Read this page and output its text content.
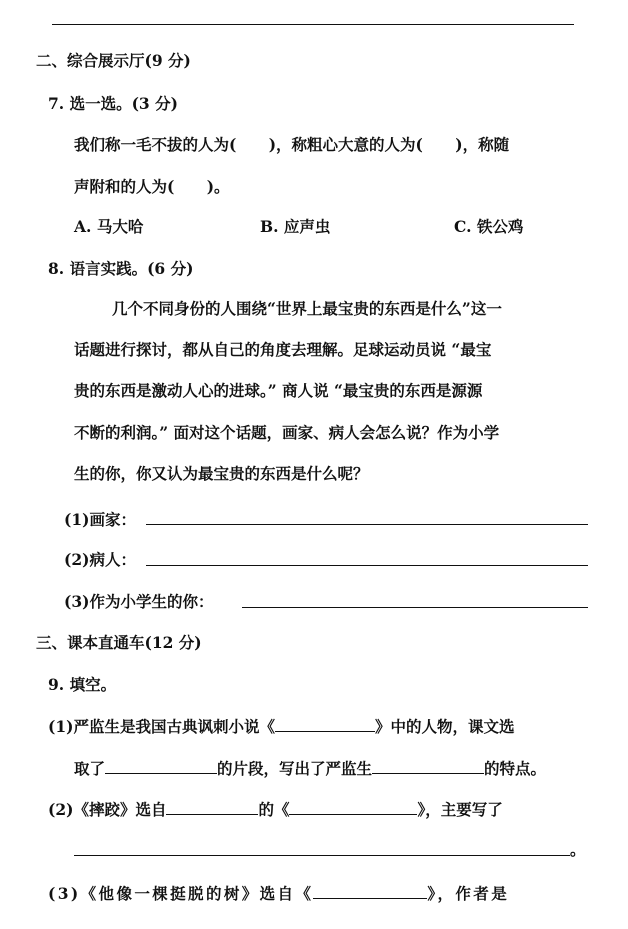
二、综合展示厅(9 分)
7. 选一选。(3 分)
我们称一毛不拔的人为(      )，称粗心大意的人为(      )，称随
声附和的人为(      )。
A. 马大哈	B. 应声虫	C. 铁公鸡
8. 语言实践。(6 分)
几个不同身份的人围绕“世界上最宝贵的东西是什么”这一
话题进行探讨，都从自己的角度去理解。足球运动员说 “最宝
贵的东西是激动人心的进球。” 商人说 “最宝贵的东西是源源
不断的利润。” 面对这个话题，画家、病人会怎么说？作为小学
生的你，你又认为最宝贵的东西是什么呢？
(1)画家：
(2)病人：
(3)作为小学生的你：
三、课本直通车(12 分)
9. 填空。
(1)严监生是我国古典讽刺小说《	》中的人物，课文选
取了	的片段，写出了严监生	的特点。
(2)《摔跤》选自	的《	》，主要写了
。
(3)《他像一棵挺脱的树》选自《	》，作者是
